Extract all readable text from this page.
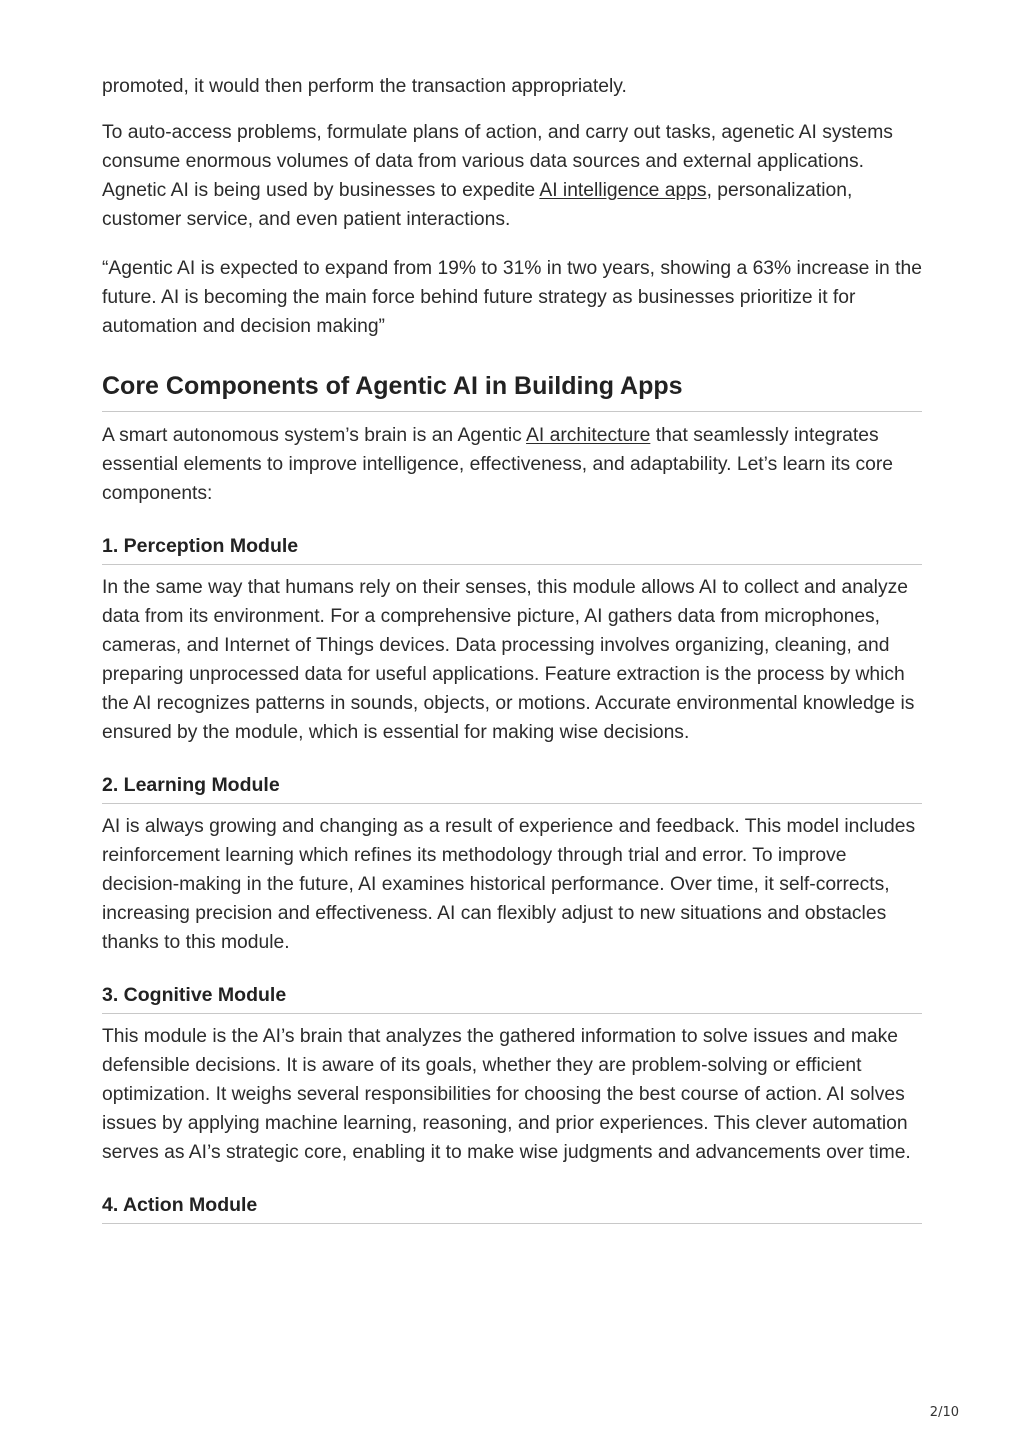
promoted, it would then perform the transaction appropriately.

To auto-access problems, formulate plans of action, and carry out tasks, agenetic AI systems consume enormous volumes of data from various data sources and external applications. Agnetic AI is being used by businesses to expedite AI intelligence apps, personalization, customer service, and even patient interactions.

“Agentic AI is expected to expand from 19% to 31% in two years, showing a 63% increase in the future. AI is becoming the main force behind future strategy as businesses prioritize it for automation and decision making”

Core Components of Agentic AI in Building Apps

A smart autonomous system’s brain is an Agentic AI architecture that seamlessly integrates essential elements to improve intelligence, effectiveness, and adaptability. Let’s learn its core components:

1. Perception Module

In the same way that humans rely on their senses, this module allows AI to collect and analyze data from its environment. For a comprehensive picture, AI gathers data from microphones, cameras, and Internet of Things devices. Data processing involves organizing, cleaning, and preparing unprocessed data for useful applications. Feature extraction is the process by which the AI recognizes patterns in sounds, objects, or motions. Accurate environmental knowledge is ensured by the module, which is essential for making wise decisions.

2. Learning Module

AI is always growing and changing as a result of experience and feedback. This model includes reinforcement learning which refines its methodology through trial and error. To improve decision-making in the future, AI examines historical performance. Over time, it self-corrects, increasing precision and effectiveness. AI can flexibly adjust to new situations and obstacles thanks to this module.

3. Cognitive Module

This module is the AI’s brain that analyzes the gathered information to solve issues and make defensible decisions. It is aware of its goals, whether they are problem-solving or efficient optimization. It weighs several responsibilities for choosing the best course of action. AI solves issues by applying machine learning, reasoning, and prior experiences. This clever automation serves as AI’s strategic core, enabling it to make wise judgments and advancements over time.

4. Action Module
2/10
